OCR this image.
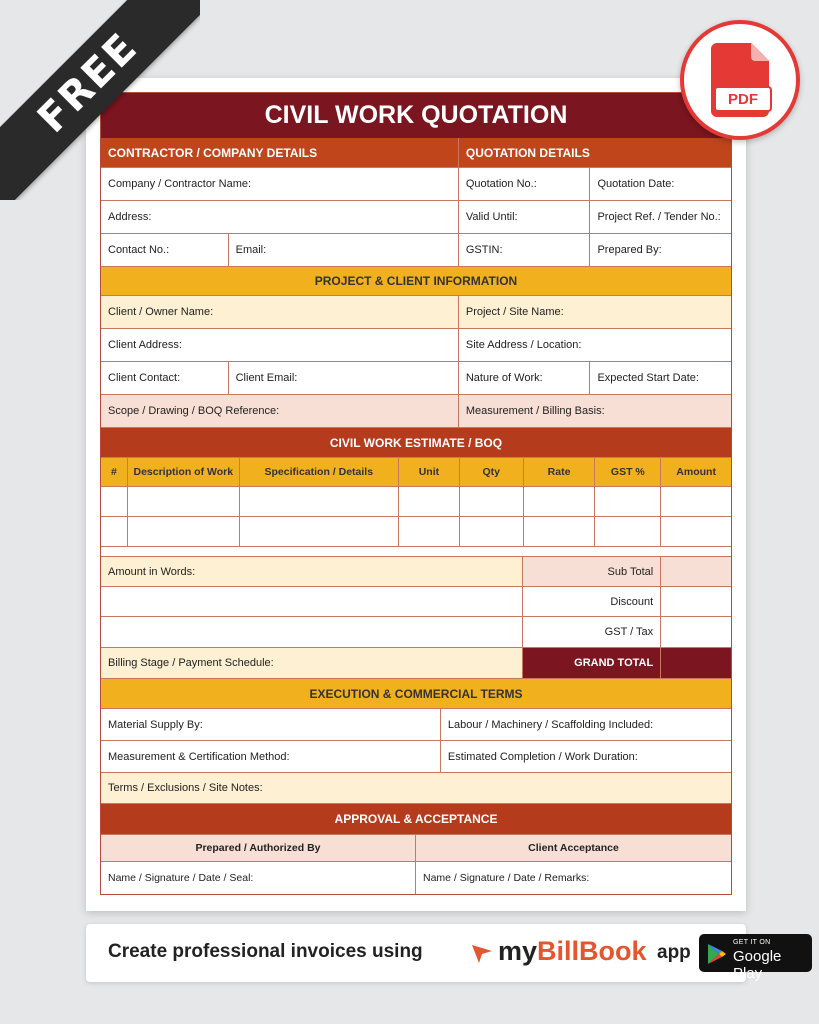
FREE	PDF
CIVIL WORK QUOTATION
CONTRACTOR / COMPANY DETAILS	QUOTATION DETAILS
Company / Contractor Name:	Quotation No.:	Quotation Date:
Address:	Valid Until:	Project Ref. / Tender No.:
Contact No.:	Email:	GSTIN:	Prepared By:
PROJECT & CLIENT INFORMATION
Client / Owner Name:	Project / Site Name:
Client Address:	Site Address / Location:
Client Contact:	Client Email:	Nature of Work:	Expected Start Date:
Scope / Drawing / BOQ Reference:	Measurement / Billing Basis:
CIVIL WORK ESTIMATE / BOQ
#	Description of Work	Specification / Details	Unit	Qty	Rate	GST %	Amount
Amount in Words:	Sub Total
Discount
GST / Tax
Billing Stage / Payment Schedule:	GRAND TOTAL
EXECUTION & COMMERCIAL TERMS
Material Supply By:	Labour / Machinery / Scaffolding Included:
Measurement & Certification Method:	Estimated Completion / Work Duration:
Terms / Exclusions / Site Notes:
APPROVAL & ACCEPTANCE
Prepared / Authorized By	Client Acceptance
Name / Signature / Date / Seal:	Name / Signature / Date / Remarks:
Create professional invoices using	myBillBook app	GET IT ON
Google Play
